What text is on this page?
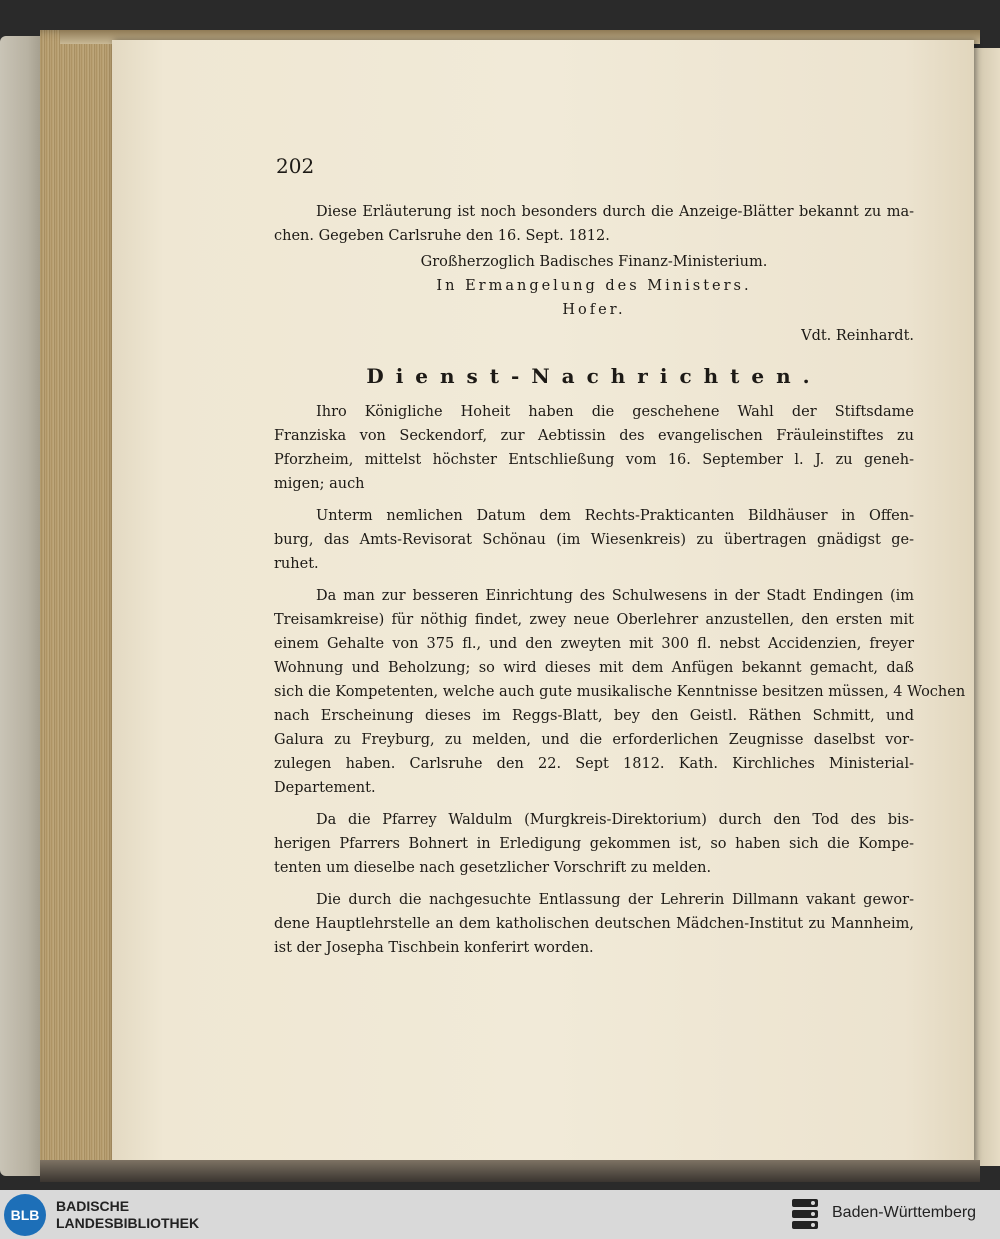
202
Diese Erläuterung ist noch besonders durch die Anzeige-Blätter bekannt zu ma-
chen. Gegeben Carlsruhe den 16. Sept. 1812.
Großherzoglich Badisches Finanz-Ministerium.
In Ermangelung des Ministers.
Hofer.
Vdt. Reinhardt.
Dienst-Nachrichten.
Ihro Königliche Hoheit haben die geschehene Wahl der Stiftsdame
Franziska von Seckendorf, zur Aebtissin des evangelischen Fräuleinstiftes zu
Pforzheim, mittelst höchster Entschließung vom 16. September l. J. zu geneh-
migen; auch
Unterm nemlichen Datum dem Rechts-Prakticanten Bildhäuser in Offen-
burg, das Amts-Revisorat Schönau (im Wiesenkreis) zu übertragen gnädigst ge-
ruhet.
Da man zur besseren Einrichtung des Schulwesens in der Stadt Endingen (im
Treisamkreise) für nöthig findet, zwey neue Oberlehrer anzustellen, den ersten mit
einem Gehalte von 375 fl., und den zweyten mit 300 fl. nebst Accidenzien, freyer
Wohnung und Beholzung; so wird dieses mit dem Anfügen bekannt gemacht, daß
sich die Kompetenten, welche auch gute musikalische Kenntnisse besitzen müssen, 4 Wochen
nach Erscheinung dieses im Reggs-Blatt, bey den Geistl. Räthen Schmitt, und
Galura zu Freyburg, zu melden, und die erforderlichen Zeugnisse daselbst vor-
zulegen haben. Carlsruhe den 22. Sept 1812. Kath. Kirchliches Ministerial-
Departement.
Da die Pfarrey Waldulm (Murgkreis-Direktorium) durch den Tod des bis-
herigen Pfarrers Bohnert in Erledigung gekommen ist, so haben sich die Kompe-
tenten um dieselbe nach gesetzlicher Vorschrift zu melden.
Die durch die nachgesuchte Entlassung der Lehrerin Dillmann vakant gewor-
dene Hauptlehrstelle an dem katholischen deutschen Mädchen-Institut zu Mannheim,
ist der Josepha Tischbein konferirt worden.
BLB
BADISCHE
LANDESBIBLIOTHEK
Baden-Württemberg
